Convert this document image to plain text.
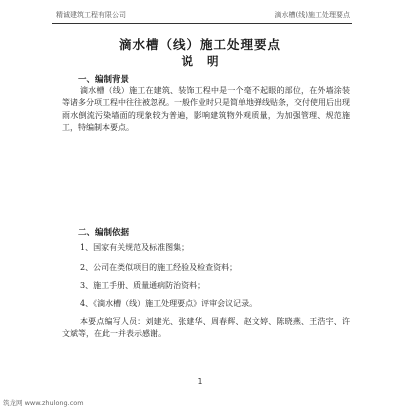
精诚建筑工程有限公司	滴水槽(线)施工处理要点
滴水槽（线）施工处理要点
说明
一、编制背景
滴水槽（线）施工在建筑、装饰工程中是一个毫不起眼的部位，在外墙涂装等诸多分项工程中往往被忽视。一般作业时只是简单地弹线贴条，交付使用后出现雨水倒流污染墙面的现象较为普遍，影响建筑物外观质量，为加强管理、规范施工，特编制本要点。
二、编制依据
1、国家有关规范及标准图集；
2、公司在类似项目的施工经验及检查资料；
3、施工手册、质量通病防治资料；
4、《滴水槽（线）施工处理要点》评审会议记录。
本要点编写人员：刘建光、张建华、周春辉、赵文婷、陈晓燕、王浩宇、许文斌等，在此一并表示感谢。
1
筑龙网 www.zhulong.com
